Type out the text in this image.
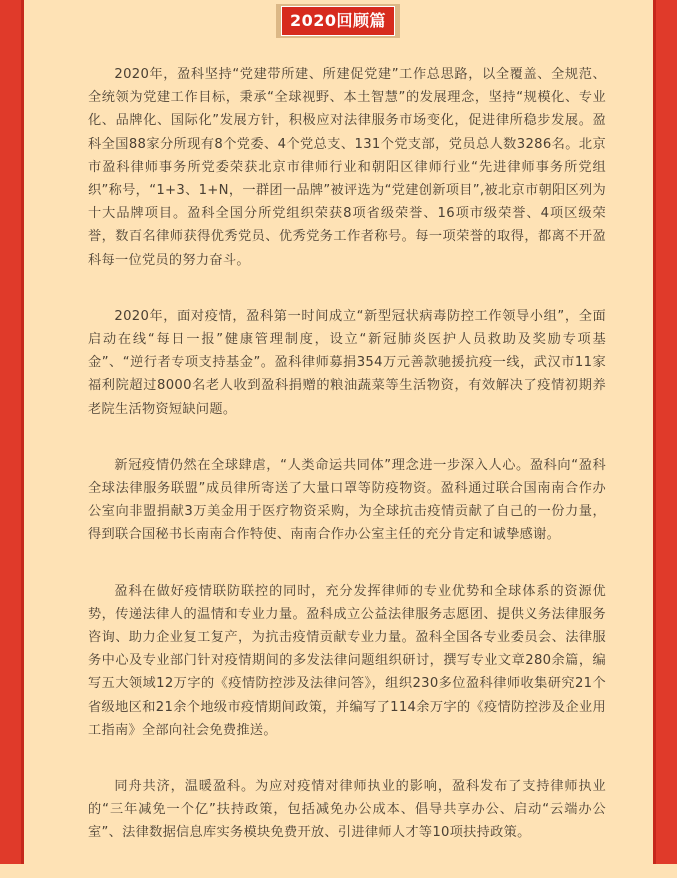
2020回顾篇

2020年，盈科坚持“党建带所建、所建促党建”工作总思路，以全覆盖、全规范、全统领为党建工作目标，秉承“全球视野、本土智慧”的发展理念，坚持“规模化、专业化、品牌化、国际化”发展方针，积极应对法律服务市场变化，促进律所稳步发展。盈科全国88家分所现有8个党委、4个党总支、131个党支部，党员总人数3286名。北京市盈科律师事务所党委荣获北京市律师行业和朝阳区律师行业“先进律师事务所党组织”称号，“1+3、1+N，一群团一品牌”被评选为“党建创新项目”,被北京市朝阳区列为十大品牌项目。盈科全国分所党组织荣获8项省级荣誉、16项市级荣誉、4项区级荣誉，数百名律师获得优秀党员、优秀党务工作者称号。每一项荣誉的取得，都离不开盈科每一位党员的努力奋斗。

2020年，面对疫情，盈科第一时间成立“新型冠状病毒防控工作领导小组”，全面启动在线“每日一报”健康管理制度，设立“新冠肺炎医护人员救助及奖励专项基金”、“逆行者专项支持基金”。盈科律师募捐354万元善款驰援抗疫一线，武汉市11家福利院超过8000名老人收到盈科捐赠的粮油蔬菜等生活物资，有效解决了疫情初期养老院生活物资短缺问题。

新冠疫情仍然在全球肆虐，“人类命运共同体”理念进一步深入人心。盈科向“盈科全球法律服务联盟”成员律所寄送了大量口罩等防疫物资。盈科通过联合国南南合作办公室向非盟捐献3万美金用于医疗物资采购，为全球抗击疫情贡献了自己的一份力量，得到联合国秘书长南南合作特使、南南合作办公室主任的充分肯定和诚挚感谢。

盈科在做好疫情联防联控的同时，充分发挥律师的专业优势和全球体系的资源优势，传递法律人的温情和专业力量。盈科成立公益法律服务志愿团、提供义务法律服务咨询、助力企业复工复产，为抗击疫情贡献专业力量。盈科全国各专业委员会、法律服务中心及专业部门针对疫情期间的多发法律问题组织研讨，撰写专业文章280余篇，编写五大领域12万字的《疫情防控涉及法律问答》，组织230多位盈科律师收集研究21个省级地区和21余个地级市疫情期间政策，并编写了114余万字的《疫情防控涉及企业用工指南》全部向社会免费推送。

同舟共济，温暖盈科。为应对疫情对律师执业的影响，盈科发布了支持律师执业的“三年减免一个亿”扶持政策，包括减免办公成本、倡导共享办公、启动“云端办公室”、法律数据信息库实务模块免费开放、引进律师人才等10项扶持政策。
